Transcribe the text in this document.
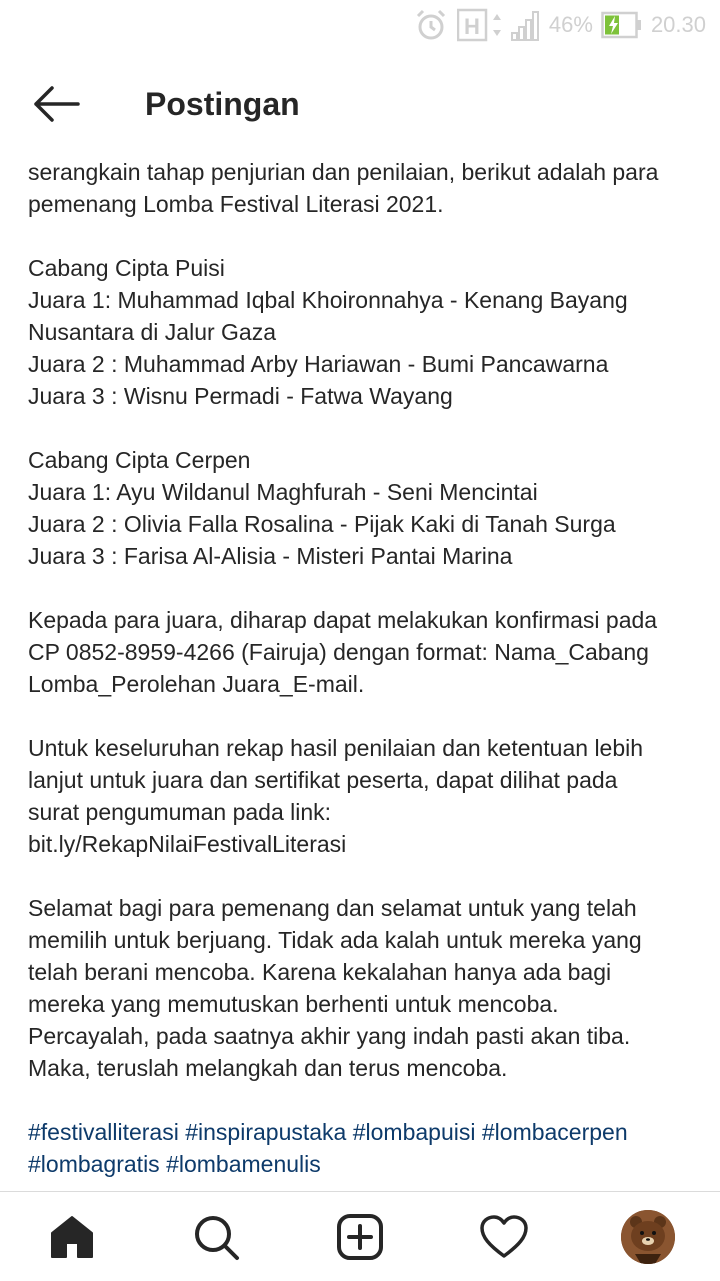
H	46%	20.30
Postingan

serangkain tahap penjurian dan penilaian, berikut adalah para

pemenang Lomba Festival Literasi 2021.

Cabang Cipta Puisi

Juara 1: Muhammad Iqbal Khoironnahya - Kenang Bayang

Nusantara di Jalur Gaza

Juara 2 : Muhammad Arby Hariawan - Bumi Pancawarna

Juara 3 : Wisnu Permadi - Fatwa Wayang

Cabang Cipta Cerpen

Juara 1: Ayu Wildanul Maghfurah - Seni Mencintai

Juara 2 : Olivia Falla Rosalina - Pijak Kaki di Tanah Surga

Juara 3 : Farisa Al-Alisia - Misteri Pantai Marina

Kepada para juara, diharap dapat melakukan konfirmasi pada

CP 0852-8959-4266 (Fairuja) dengan format: Nama_Cabang

Lomba_Perolehan Juara_E-mail.

Untuk keseluruhan rekap hasil penilaian dan ketentuan lebih

lanjut untuk juara dan sertifikat peserta, dapat dilihat pada

surat pengumuman pada link:

bit.ly/RekapNilaiFestivalLiterasi

Selamat bagi para pemenang dan selamat untuk yang telah

memilih untuk berjuang. Tidak ada kalah untuk mereka yang

telah berani mencoba. Karena kekalahan hanya ada bagi

mereka yang memutuskan berhenti untuk mencoba.

Percayalah, pada saatnya akhir yang indah pasti akan tiba.

Maka, teruslah melangkah dan terus mencoba.

#festivalliterasi #inspirapustaka #lombapuisi #lombacerpen

#lombagratis #lombamenulis
